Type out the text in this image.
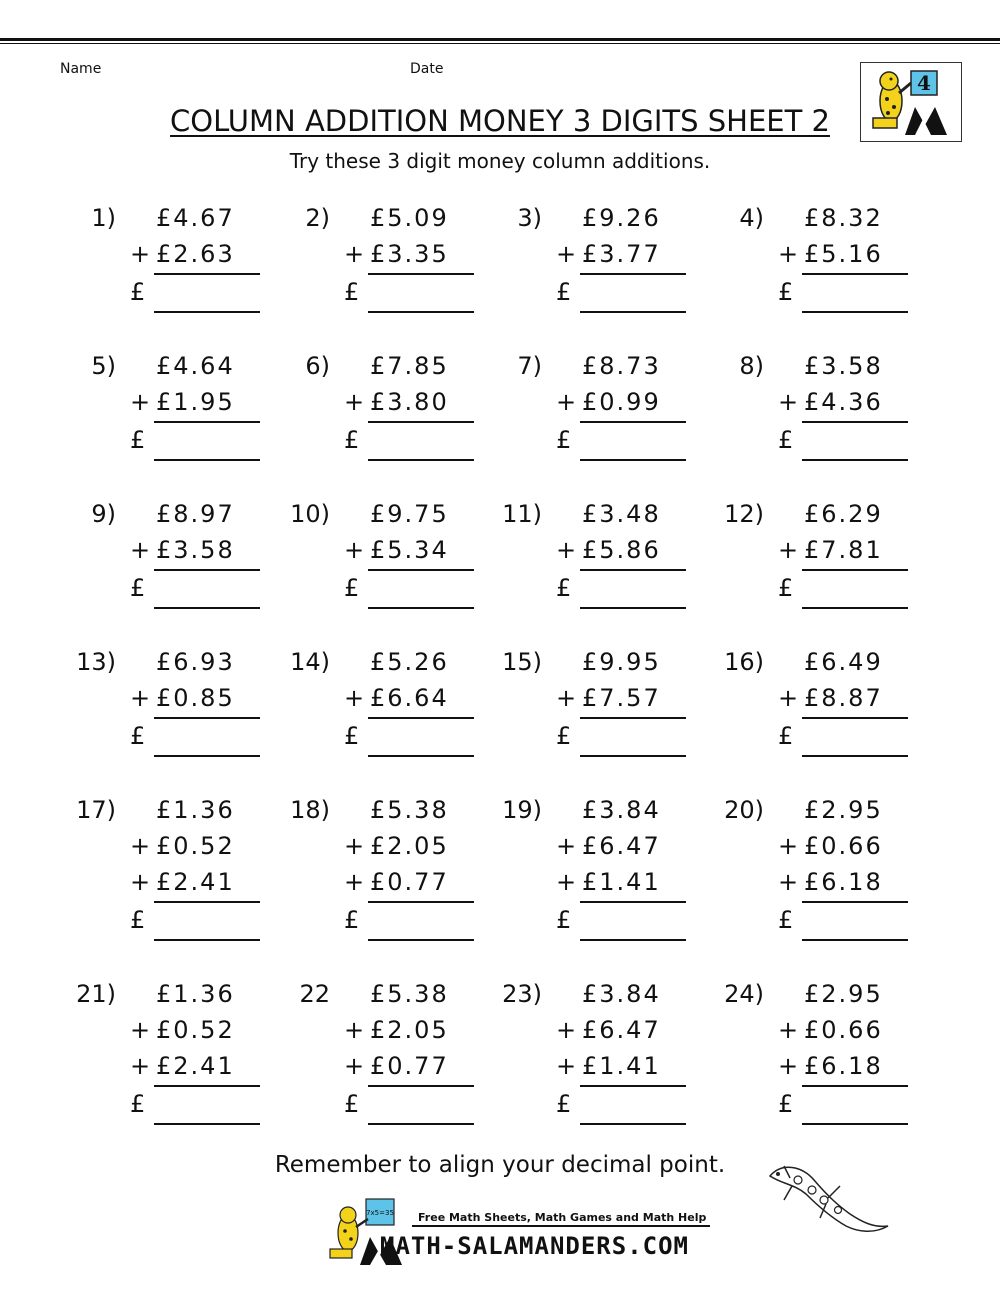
Name	Date
4
COLUMN ADDITION MONEY 3 DIGITS SHEET 2
Try these 3 digit money column additions.
1) £4.67
+ £2.63
£
2) £5.09
+ £3.35
£
3) £9.26
+ £3.77
£
4) £8.32
+ £5.16
£
5) £4.64
+ £1.95
£
6) £7.85
+ £3.80
£
7) £8.73
+ £0.99
£
8) £3.58
+ £4.36
£
9) £8.97
+ £3.58
£
10) £9.75
+ £5.34
£
11) £3.48
+ £5.86
£
12) £6.29
+ £7.81
£
13) £6.93
+ £0.85
£
14) £5.26
+ £6.64
£
15) £9.95
+ £7.57
£
16) £6.49
+ £8.87
£
17) £1.36
+ £0.52
+ £2.41
£
18) £5.38
+ £2.05
+ £0.77
£
19) £3.84
+ £6.47
+ £1.41
£
20) £2.95
+ £0.66
+ £6.18
£
21) £1.36
+ £0.52
+ £2.41
£
22 £5.38
+ £2.05
+ £0.77
£
23) £3.84
+ £6.47
+ £1.41
£
24) £2.95
+ £0.66
+ £6.18
£
Remember to align your decimal point.
7x5=35 Free Math Sheets, Math Games and Math Help
MATH-SALAMANDERS.COM
